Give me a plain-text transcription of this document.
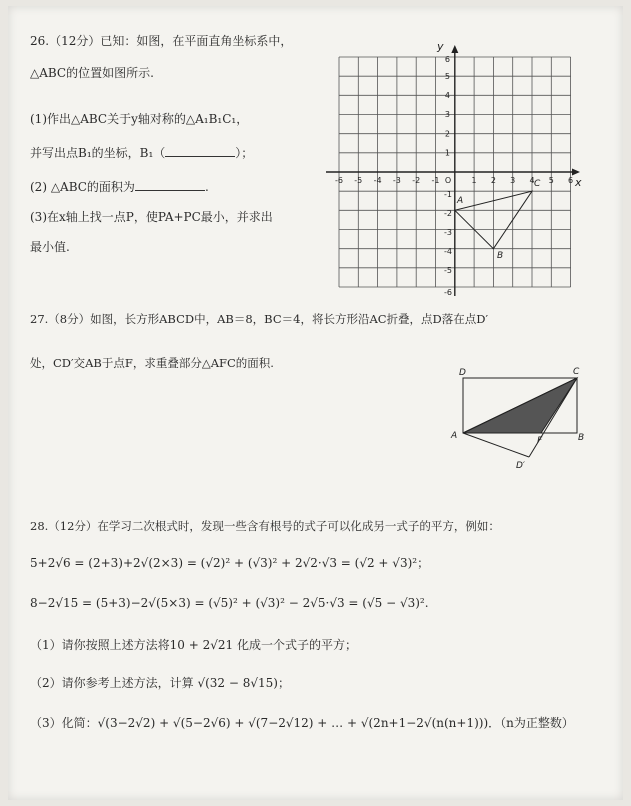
26.（12分）已知：如图，在平面直角坐标系中，
△ABC的位置如图所示.
(1)作出△ABC关于y轴对称的△A₁B₁C₁，
并写出点B₁的坐标，B₁（	）；
(2) △ABC的面积为	.
(3)在x轴上找一点P，使PA+PC最小，并求出
最小值.
x
y
-6 -5 -4 -3 -2 -1 O	1 2 3 4 5 6
1
2
3
4
5
6
-1
-2
-3
-4
-5
-6
A
B
C
D	C
A	F	B
D′
27.（8分）如图，长方形ABCD中，AB＝8，BC＝4，将长方形沿AC折叠，点D落在点D′
处，CD′交AB于点F，求重叠部分△AFC的面积.
28.（12分）在学习二次根式时，发现一些含有根号的式子可以化成另一式子的平方，例如：
5+2√6 = (2+3)+2√(2×3) = (√2)² + (√3)² + 2√2·√3 = (√2 + √3)²；
8−2√15 = (5+3)−2√(5×3) = (√5)² + (√3)² − 2√5·√3 = (√5 − √3)².
（1）请你按照上述方法将10 + 2√21 化成一个式子的平方；
（2）请你参考上述方法，计算 √(32 − 8√15)；
（3）化简：√(3−2√2) + √(5−2√6) + √(7−2√12) + … + √(2n+1−2√(n(n+1)))．（n为正整数）
